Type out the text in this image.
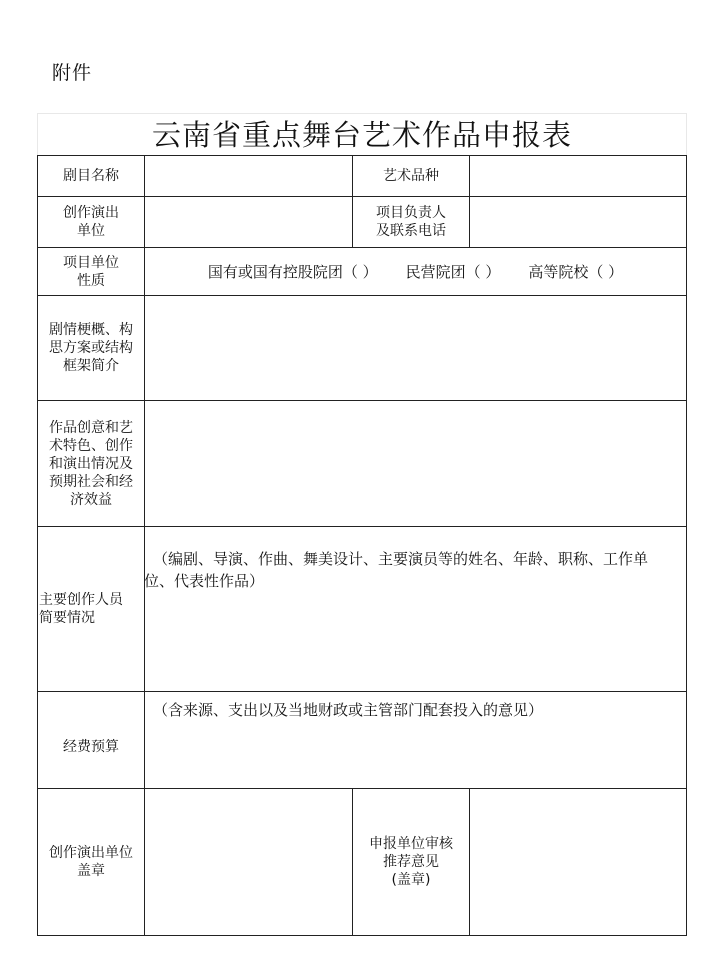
附件
云南省重点舞台艺术作品申报表
剧目名称	艺术品种
创作演出
单位
项目负责人
及联系电话
项目单位
性质	国有或国有控股院团（ ） 民营院团（ ） 高等院校（ ）
剧情梗概、构
思方案或结构
框架简介
作品创意和艺
术特色、创作
和演出情况及
预期社会和经
济效益
主要创作人员
简要情况
（编剧、导演、作曲、舞美设计、主要演员等的姓名、年龄、职称、工作单
位、代表性作品）
经费预算
（含来源、支出以及当地财政或主管部门配套投入的意见）
创作演出单位
盖章
申报单位审核
推荐意见
(盖章)
